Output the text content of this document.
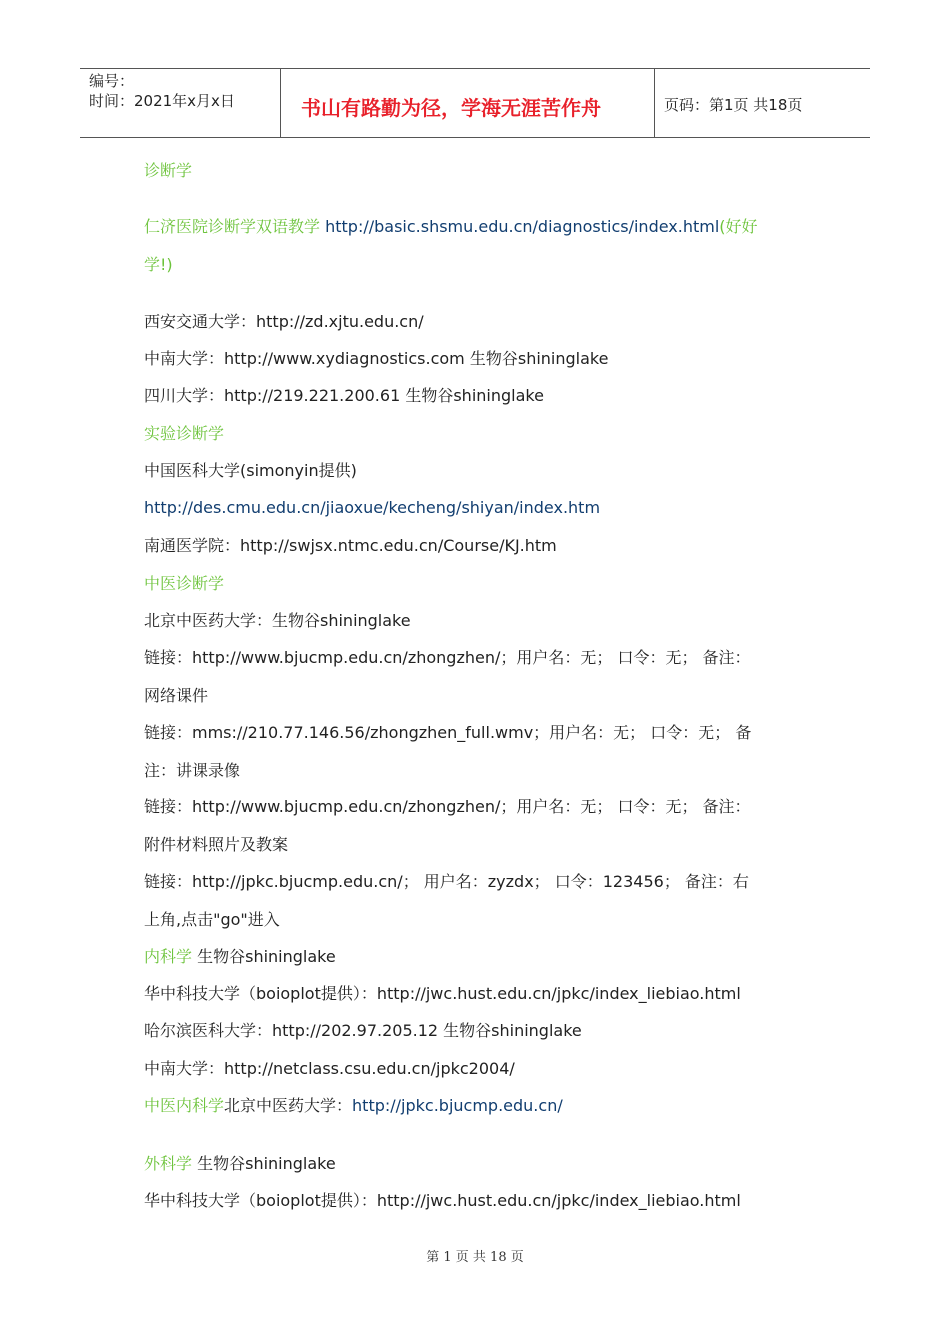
编号：
时间：2021年x月x日	书山有路勤为径，学海无涯苦作舟	页码：第1页 共18页
诊断学
仁济医院诊断学双语教学 http://basic.shsmu.edu.cn/diagnostics/index.html(好好
学!)
西安交通大学：http://zd.xjtu.edu.cn/
中南大学：http://www.xydiagnostics.com 生物谷shininglake
四川大学：http://219.221.200.61 生物谷shininglake
实验诊断学
中国医科大学(simonyin提供)
http://des.cmu.edu.cn/jiaoxue/kecheng/shiyan/index.htm
南通医学院：http://swjsx.ntmc.edu.cn/Course/KJ.htm
中医诊断学
北京中医药大学：生物谷shininglake
链接：http://www.bjucmp.edu.cn/zhongzhen/；用户名：无； 口令：无； 备注：
网络课件
链接：mms://210.77.146.56/zhongzhen_full.wmv；用户名：无； 口令：无； 备
注：讲课录像
链接：http://www.bjucmp.edu.cn/zhongzhen/；用户名：无； 口令：无； 备注：
附件材料照片及教案
链接：http://jpkc.bjucmp.edu.cn/； 用户名：zyzdx； 口令：123456； 备注：右
上角,点击"go"进入
内科学 生物谷shininglake
华中科技大学（boioplot提供）：http://jwc.hust.edu.cn/jpkc/index_liebiao.html
哈尔滨医科大学：http://202.97.205.12 生物谷shininglake
中南大学：http://netclass.csu.edu.cn/jpkc2004/
中医内科学北京中医药大学：http://jpkc.bjucmp.edu.cn/
外科学 生物谷shininglake
华中科技大学（boioplot提供）：http://jwc.hust.edu.cn/jpkc/index_liebiao.html
第 1 页 共 18 页
